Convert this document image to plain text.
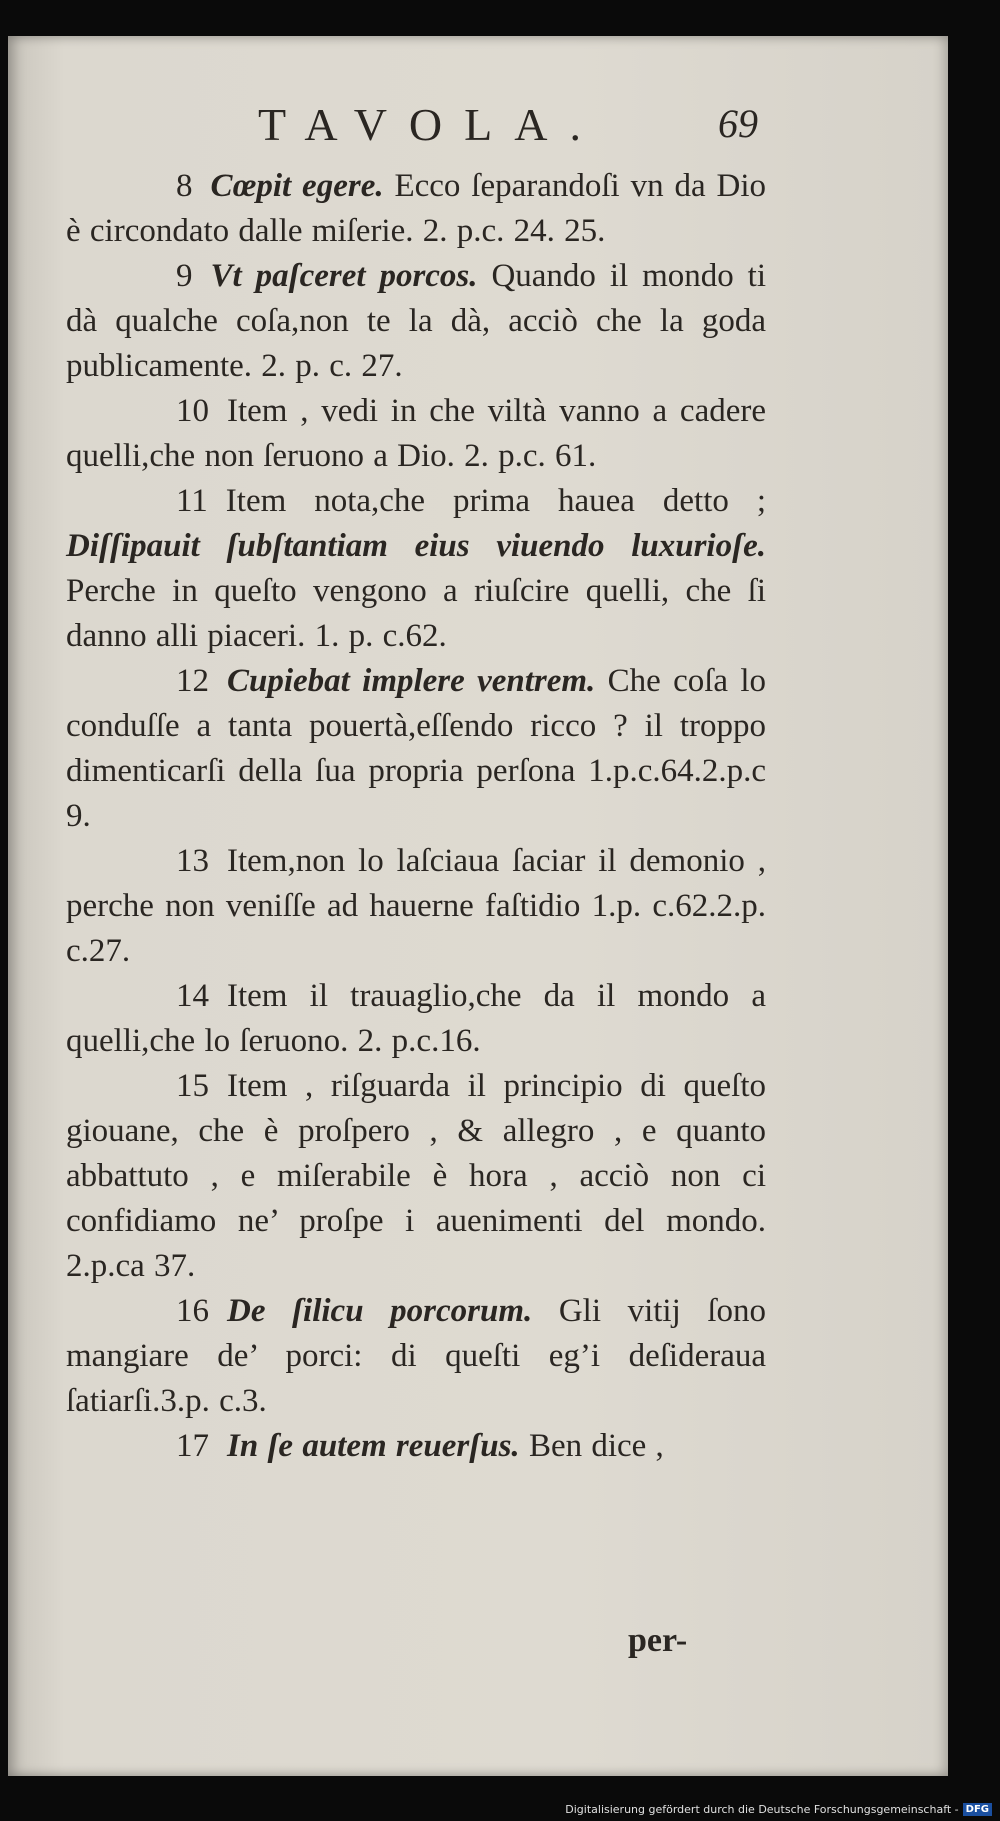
TAVOLA.	69

8 Cœpit egere. Ecco ſeparandoſi vn da Dio è circondato dalle miſerie. 2. p.c. 24. 25.

9 Vt paſceret porcos. Quando il mondo ti dà qualche coſa,non te la dà, acciò che la goda publicamente. 2. p. c. 27.

10 Item , vedi in che viltà vanno a cadere quelli,che non ſeruono a Dio. 2. p.c. 61.

11 Item nota,che prima hauea detto ; Diſſipauit ſubſtantiam eius viuendo luxurioſe. Perche in queſto vengono a riuſcire quelli, che ſi danno alli piaceri. 1. p. c.62.

12 Cupiebat implere ventrem. Che coſa lo conduſſe a tanta pouertà,eſſendo ricco ? il troppo dimenticarſi della ſua propria perſona 1.p.c.64.2.p.c 9.

13 Item,non lo laſciaua ſaciar il demonio , perche non veniſſe ad hauerne faſtidio 1.p. c.62.2.p. c.27.

14 Item il trauaglio,che da il mondo a quelli,che lo ſeruono. 2. p.c.16.

15 Item , riſguarda il principio di queſto giouane, che è proſpero , & allegro , e quanto abbattuto , e miſerabile è hora , acciò non ci confidiamo ne’ proſpe i auenimenti del mondo. 2.p.ca 37.

16 De ſilicu porcorum. Gli vitij ſono mangiare de’ porci: di queſti eg’i deſideraua ſatiarſi.3.p. c.3.

17 In ſe autem reuerſus. Ben dice ,

per-
Digitalisierung gefördert durch die Deutsche Forschungsgemeinschaft - DFG
